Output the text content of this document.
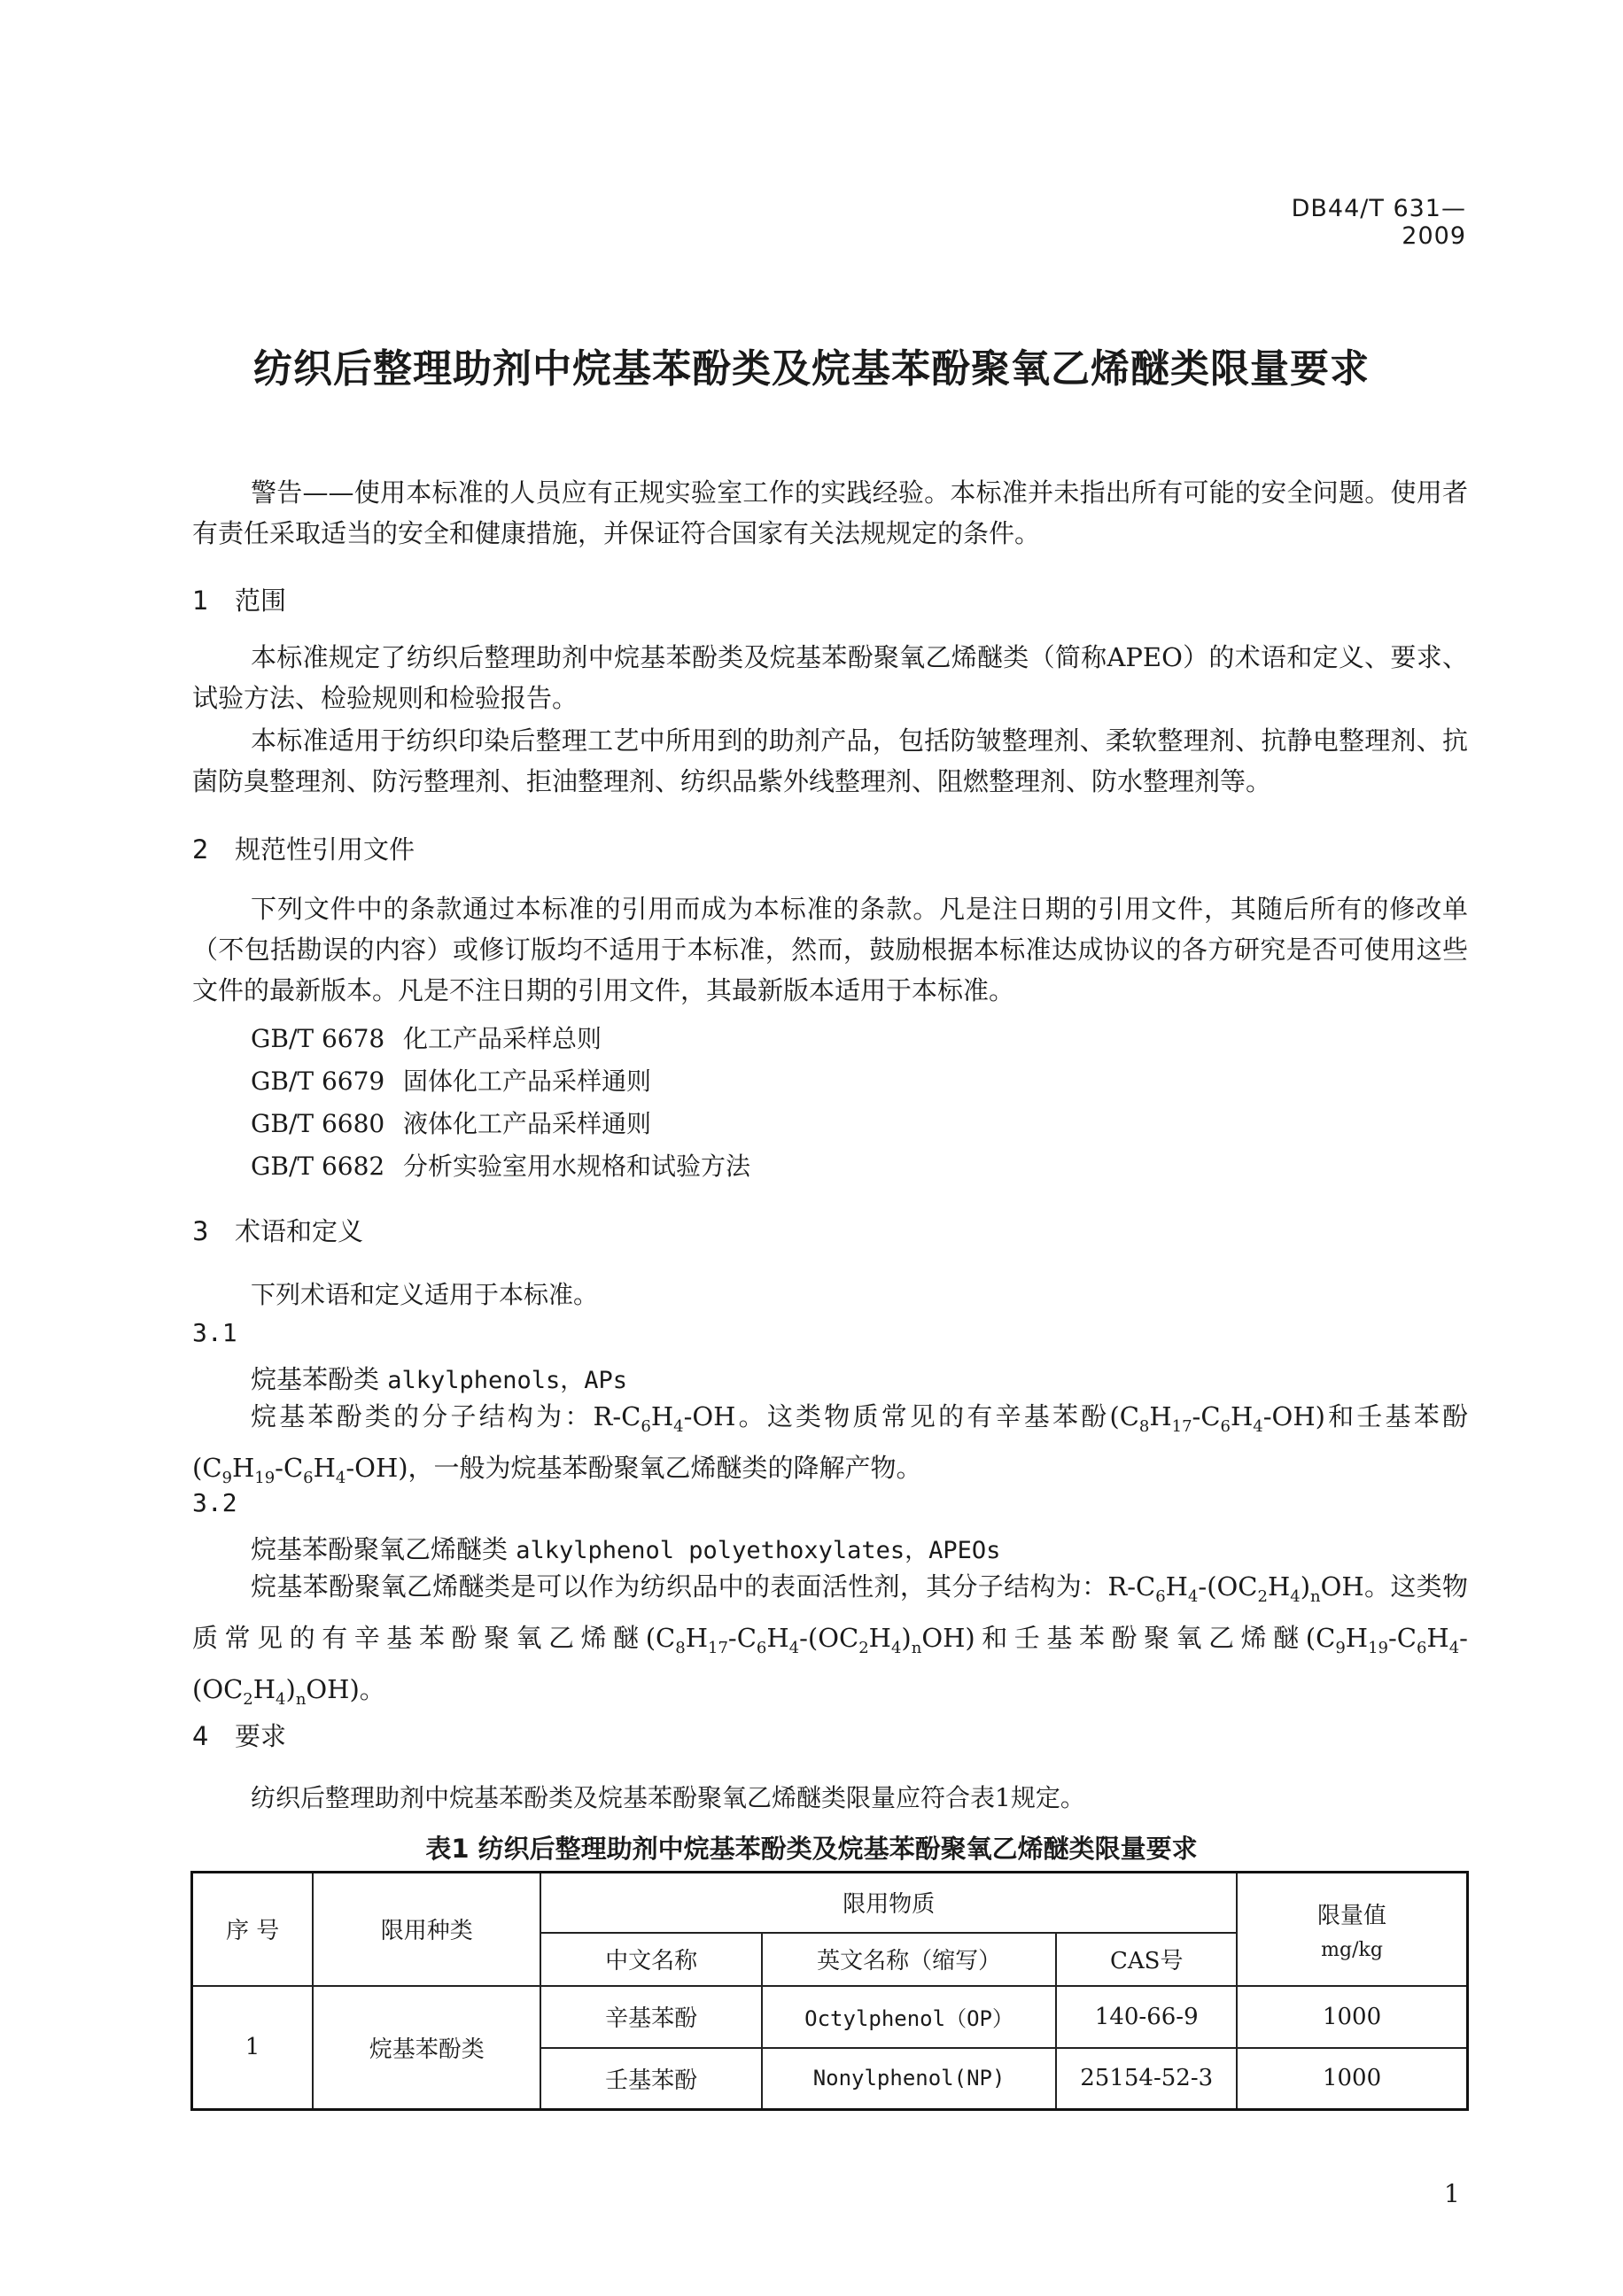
DB44/T 631—2009
纺织后整理助剂中烷基苯酚类及烷基苯酚聚氧乙烯醚类限量要求

警告——使用本标准的人员应有正规实验室工作的实践经验。本标准并未指出所有可能的安全问题。使用者有责任采取适当的安全和健康措施，并保证符合国家有关法规规定的条件。

1 范围

本标准规定了纺织后整理助剂中烷基苯酚类及烷基苯酚聚氧乙烯醚类（简称APEO）的术语和定义、要求、试验方法、检验规则和检验报告。

本标准适用于纺织印染后整理工艺中所用到的助剂产品，包括防皱整理剂、柔软整理剂、抗静电整理剂、抗菌防臭整理剂、防污整理剂、拒油整理剂、纺织品紫外线整理剂、阻燃整理剂、防水整理剂等。

2 规范性引用文件

下列文件中的条款通过本标准的引用而成为本标准的条款。凡是注日期的引用文件，其随后所有的修改单（不包括勘误的内容）或修订版均不适用于本标准，然而，鼓励根据本标准达成协议的各方研究是否可使用这些文件的最新版本。凡是不注日期的引用文件，其最新版本适用于本标准。

GB/T 6678 化工产品采样总则

GB/T 6679 固体化工产品采样通则

GB/T 6680 液体化工产品采样通则

GB/T 6682 分析实验室用水规格和试验方法

3 术语和定义

下列术语和定义适用于本标准。

3.1

烷基苯酚类 alkylphenols，APs

烷基苯酚类的分子结构为：$R-C_6H_4-OH$。这类物质常见的有辛基苯酚$(C_8H_{17}-C_6H_4-OH)$和壬基苯酚$(C_9H_{19}-C_6H_4-OH)$，一般为烷基苯酚聚氧乙烯醚类的降解产物。

3.2

烷基苯酚聚氧乙烯醚类 alkylphenol polyethoxylates，APEOs

烷基苯酚聚氧乙烯醚类是可以作为纺织品中的表面活性剂，其分子结构为：$R-C_6H_4-(OC_2H_4)_nOH$。这类物质常见的有辛基苯酚聚氧乙烯醚$(C_8H_{17}-C_6H_4-(OC_2H_4)_nOH)$和壬基苯酚聚氧乙烯醚$(C_9H_{19}-C_6H_4-(OC_2H_4)_nOH)$。

4 要求

纺织后整理助剂中烷基苯酚类及烷基苯酚聚氧乙烯醚类限量应符合表1规定。

表1 纺织后整理助剂中烷基苯酚类及烷基苯酚聚氧乙烯醚类限量要求
序 号	限用种类	限用物质			限量值
mg/kg

		中文名称	英文名称（缩写）	CAS号	
1	烷基苯酚类	辛基苯酚	Octylphenol（OP）	140-66-9	1000
		壬基苯酚	Nonylphenol(NP)	25154-52-3	1000
1
